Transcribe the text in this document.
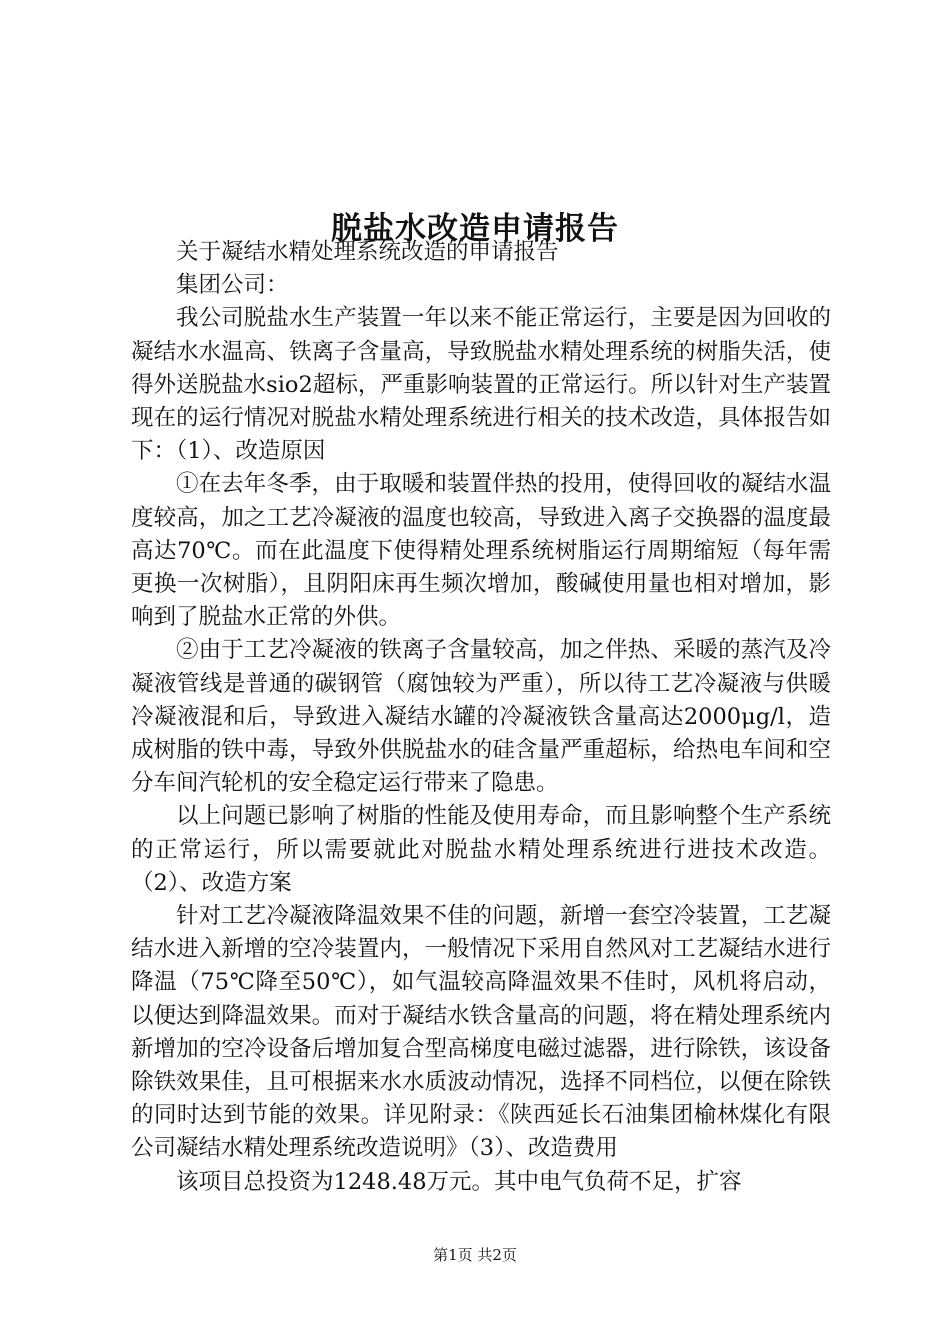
脱盐水改造申请报告

关于凝结水精处理系统改造的申请报告

集团公司：

我公司脱盐水生产装置一年以来不能正常运行，主要是因为回收的凝结水水温高、铁离子含量高，导致脱盐水精处理系统的树脂失活，使得外送脱盐水sio2超标，严重影响装置的正常运行。所以针对生产装置现在的运行情况对脱盐水精处理系统进行相关的技术改造，具体报告如下：（1）、改造原因

①在去年冬季，由于取暖和装置伴热的投用，使得回收的凝结水温度较高，加之工艺冷凝液的温度也较高，导致进入离子交换器的温度最高达70℃。而在此温度下使得精处理系统树脂运行周期缩短（每年需更换一次树脂），且阴阳床再生频次增加，酸碱使用量也相对增加，影响到了脱盐水正常的外供。

②由于工艺冷凝液的铁离子含量较高，加之伴热、采暖的蒸汽及冷凝液管线是普通的碳钢管（腐蚀较为严重），所以待工艺冷凝液与供暖冷凝液混和后，导致进入凝结水罐的冷凝液铁含量高达2000μg/l，造成树脂的铁中毒，导致外供脱盐水的硅含量严重超标，给热电车间和空分车间汽轮机的安全稳定运行带来了隐患。

以上问题已影响了树脂的性能及使用寿命，而且影响整个生产系统的正常运行，所以需要就此对脱盐水精处理系统进行进技术改造。（2）、改造方案

针对工艺冷凝液降温效果不佳的问题，新增一套空冷装置，工艺凝结水进入新增的空冷装置内，一般情况下采用自然风对工艺凝结水进行降温（75℃降至50℃），如气温较高降温效果不佳时，风机将启动，以便达到降温效果。而对于凝结水铁含量高的问题，将在精处理系统内新增加的空冷设备后增加复合型高梯度电磁过滤器，进行除铁，该设备除铁效果佳，且可根据来水水质波动情况，选择不同档位，以便在除铁的同时达到节能的效果。详见附录：《陕西延长石油集团榆林煤化有限公司凝结水精处理系统改造说明》（3）、改造费用

该项目总投资为1248.48万元。其中电气负荷不足，扩容

第1页 共2页
